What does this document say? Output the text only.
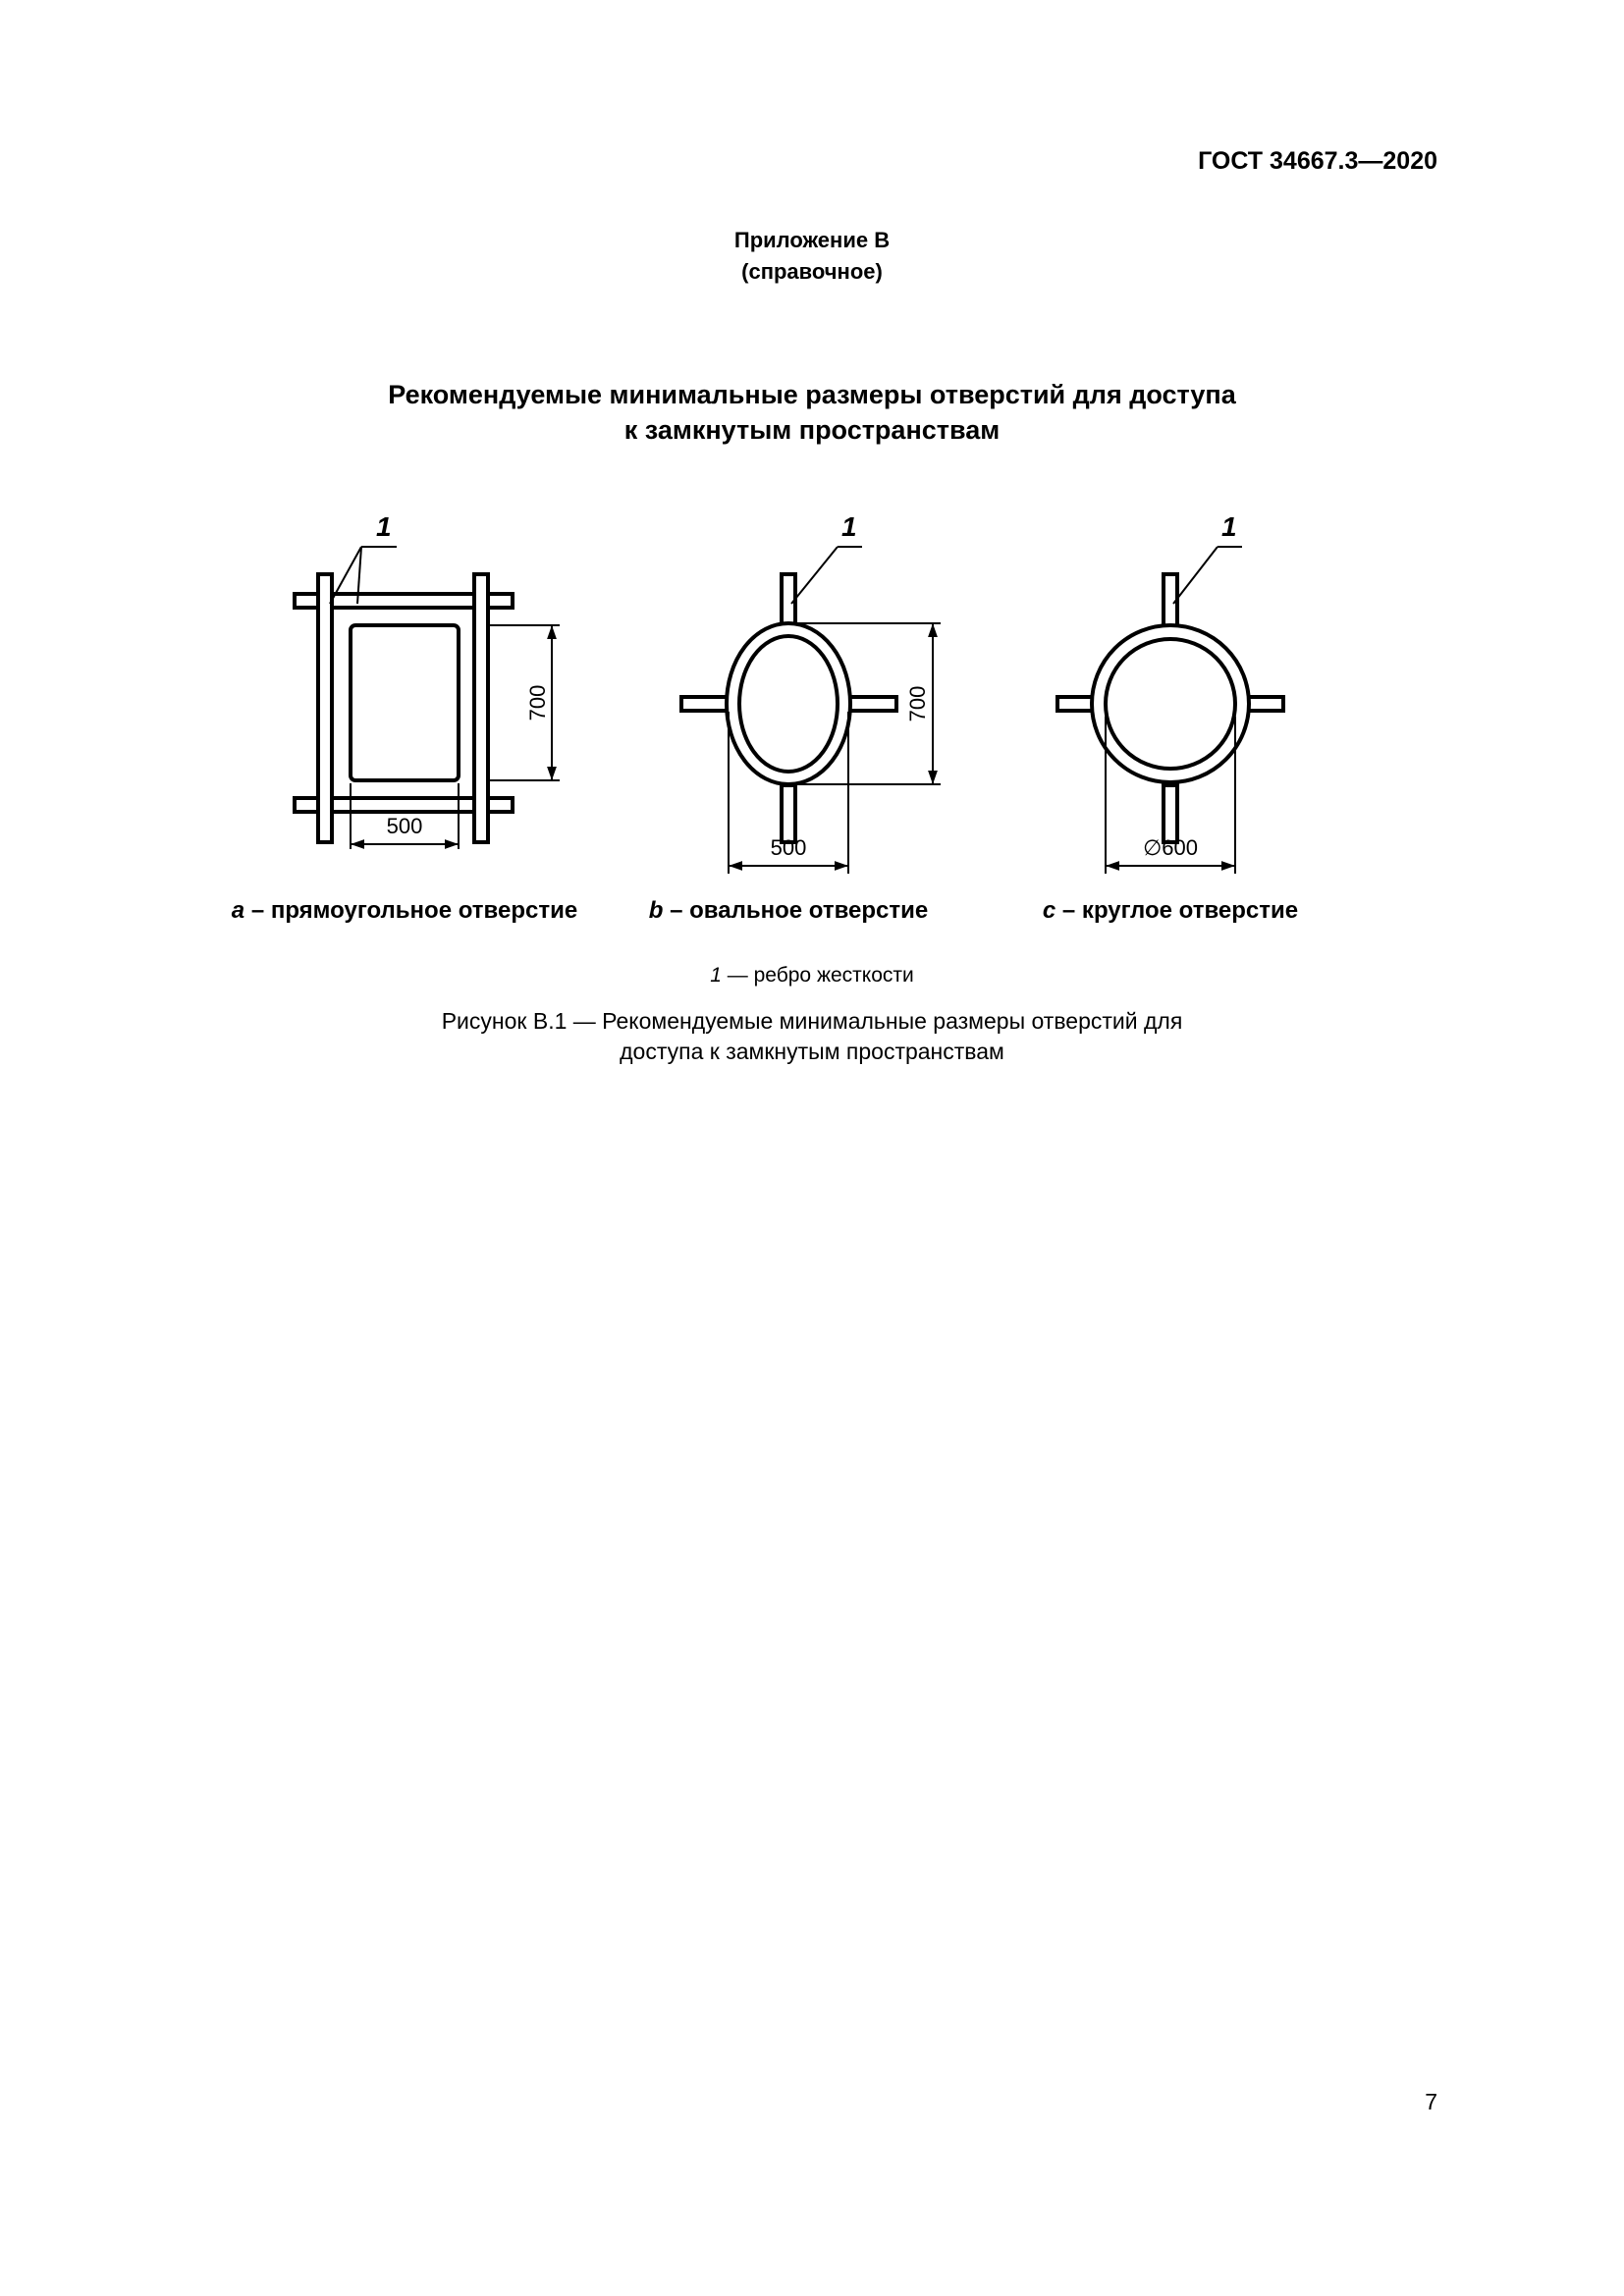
ГОСТ 34667.3—2020
Приложение В
(справочное)
Рекомендуемые минимальные размеры отверстий для доступа
к замкнутым пространствам
1
500
700
а – прямоугольное отверстие
1
500
700
b – овальное отверстие
1
∅600
с – круглое отверстие
1 — ребро жесткости
Рисунок В.1 — Рекомендуемые минимальные размеры отверстий для
доступа к замкнутым пространствам
7
